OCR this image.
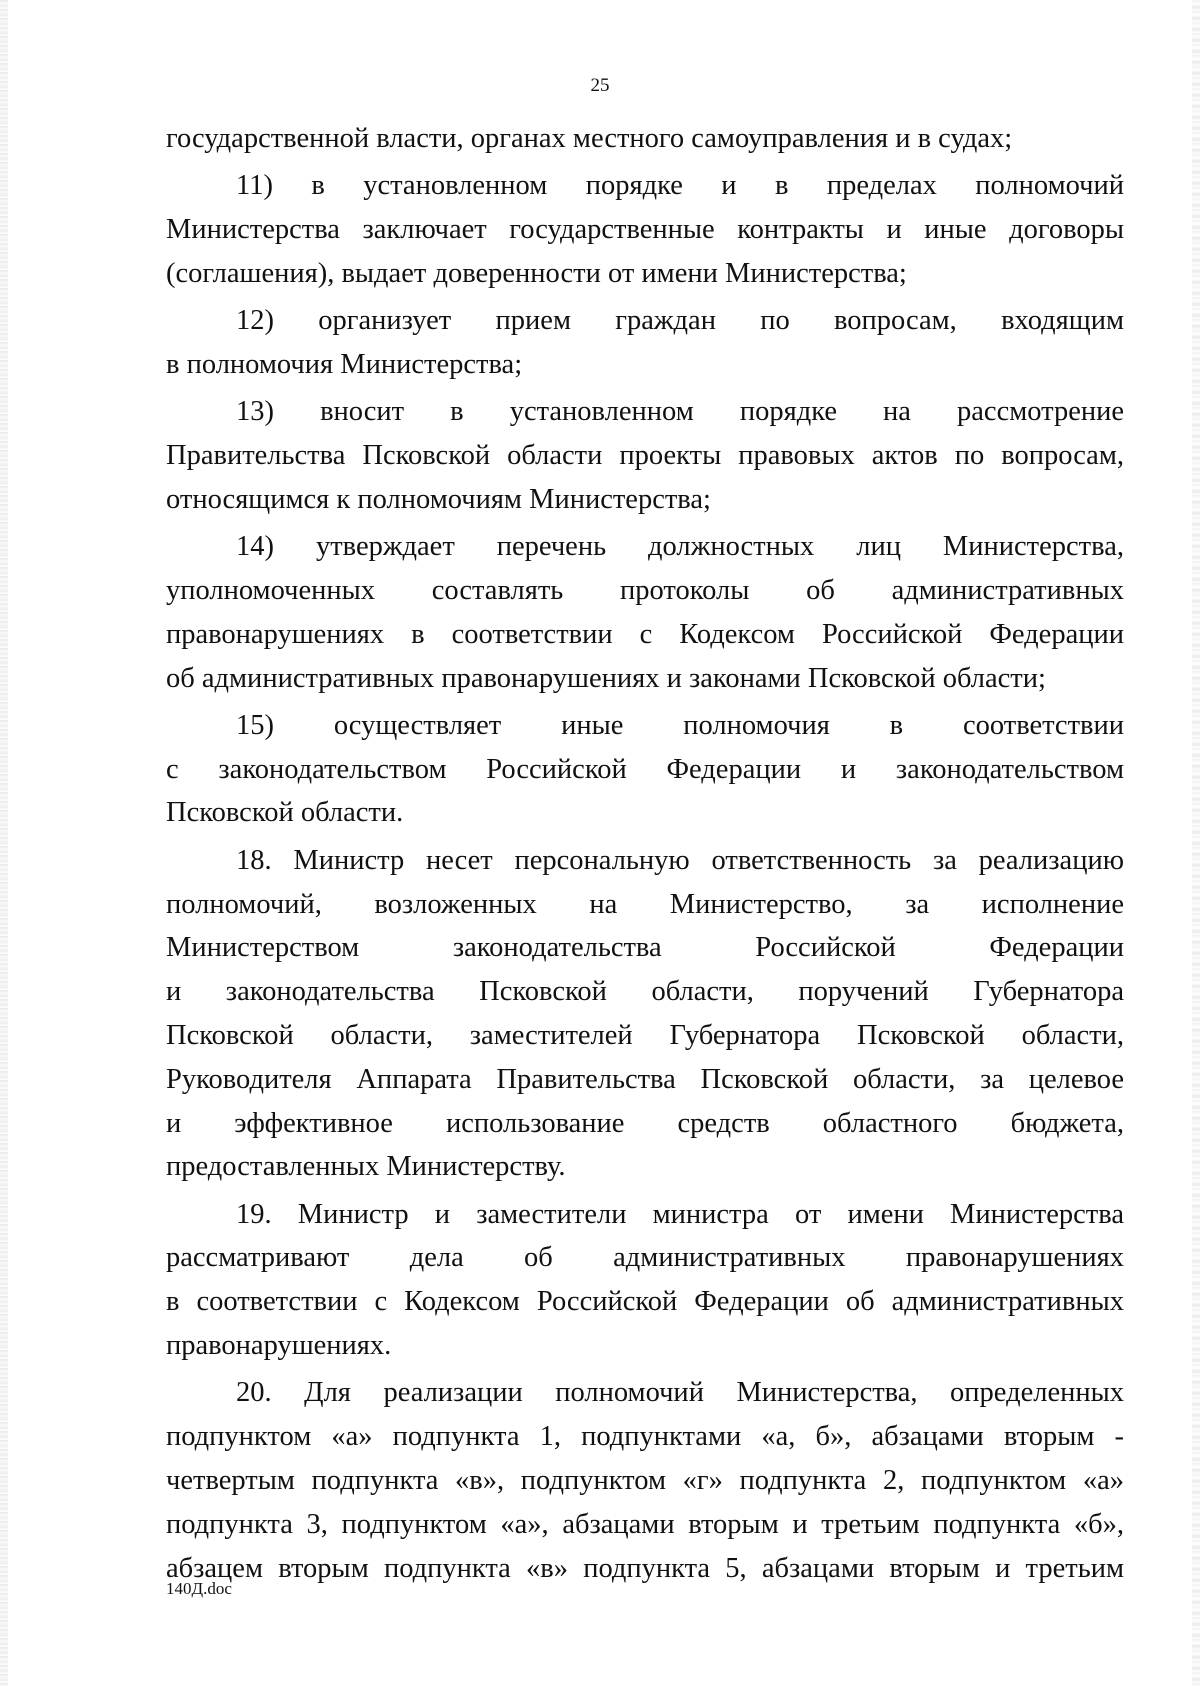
25
государственной власти, органах местного самоуправления и в судах;
11) в установленном порядке и в пределах полномочий
Министерства заключает государственные контракты и иные договоры
(соглашения), выдает доверенности от имени Министерства;
12) организует прием граждан по вопросам, входящим
в полномочия Министерства;
13) вносит в установленном порядке на рассмотрение
Правительства Псковской области проекты правовых актов по вопросам,
относящимся к полномочиям Министерства;
14) утверждает перечень должностных лиц Министерства,
уполномоченных составлять протоколы об административных
правонарушениях в соответствии с Кодексом Российской Федерации
об административных правонарушениях и законами Псковской области;
15) осуществляет иные полномочия в соответствии
с законодательством Российской Федерации и законодательством
Псковской области.
18. Министр несет персональную ответственность за реализацию
полномочий, возложенных на Министерство, за исполнение
Министерством законодательства Российской Федерации
и законодательства Псковской области, поручений Губернатора
Псковской области, заместителей Губернатора Псковской области,
Руководителя Аппарата Правительства Псковской области, за целевое
и эффективное использование средств областного бюджета,
предоставленных Министерству.
19. Министр и заместители министра от имени Министерства
рассматривают дела об административных правонарушениях
в соответствии с Кодексом Российской Федерации об административных
правонарушениях.
20. Для реализации полномочий Министерства, определенных
подпунктом «а» подпункта 1, подпунктами «а, б», абзацами вторым -
четвертым подпункта «в», подпунктом «г» подпункта 2, подпунктом «а»
подпункта 3, подпунктом «а», абзацами вторым и третьим подпункта «б»,
абзацем вторым подпункта «в» подпункта 5, абзацами вторым и третьим
140Д.doc
